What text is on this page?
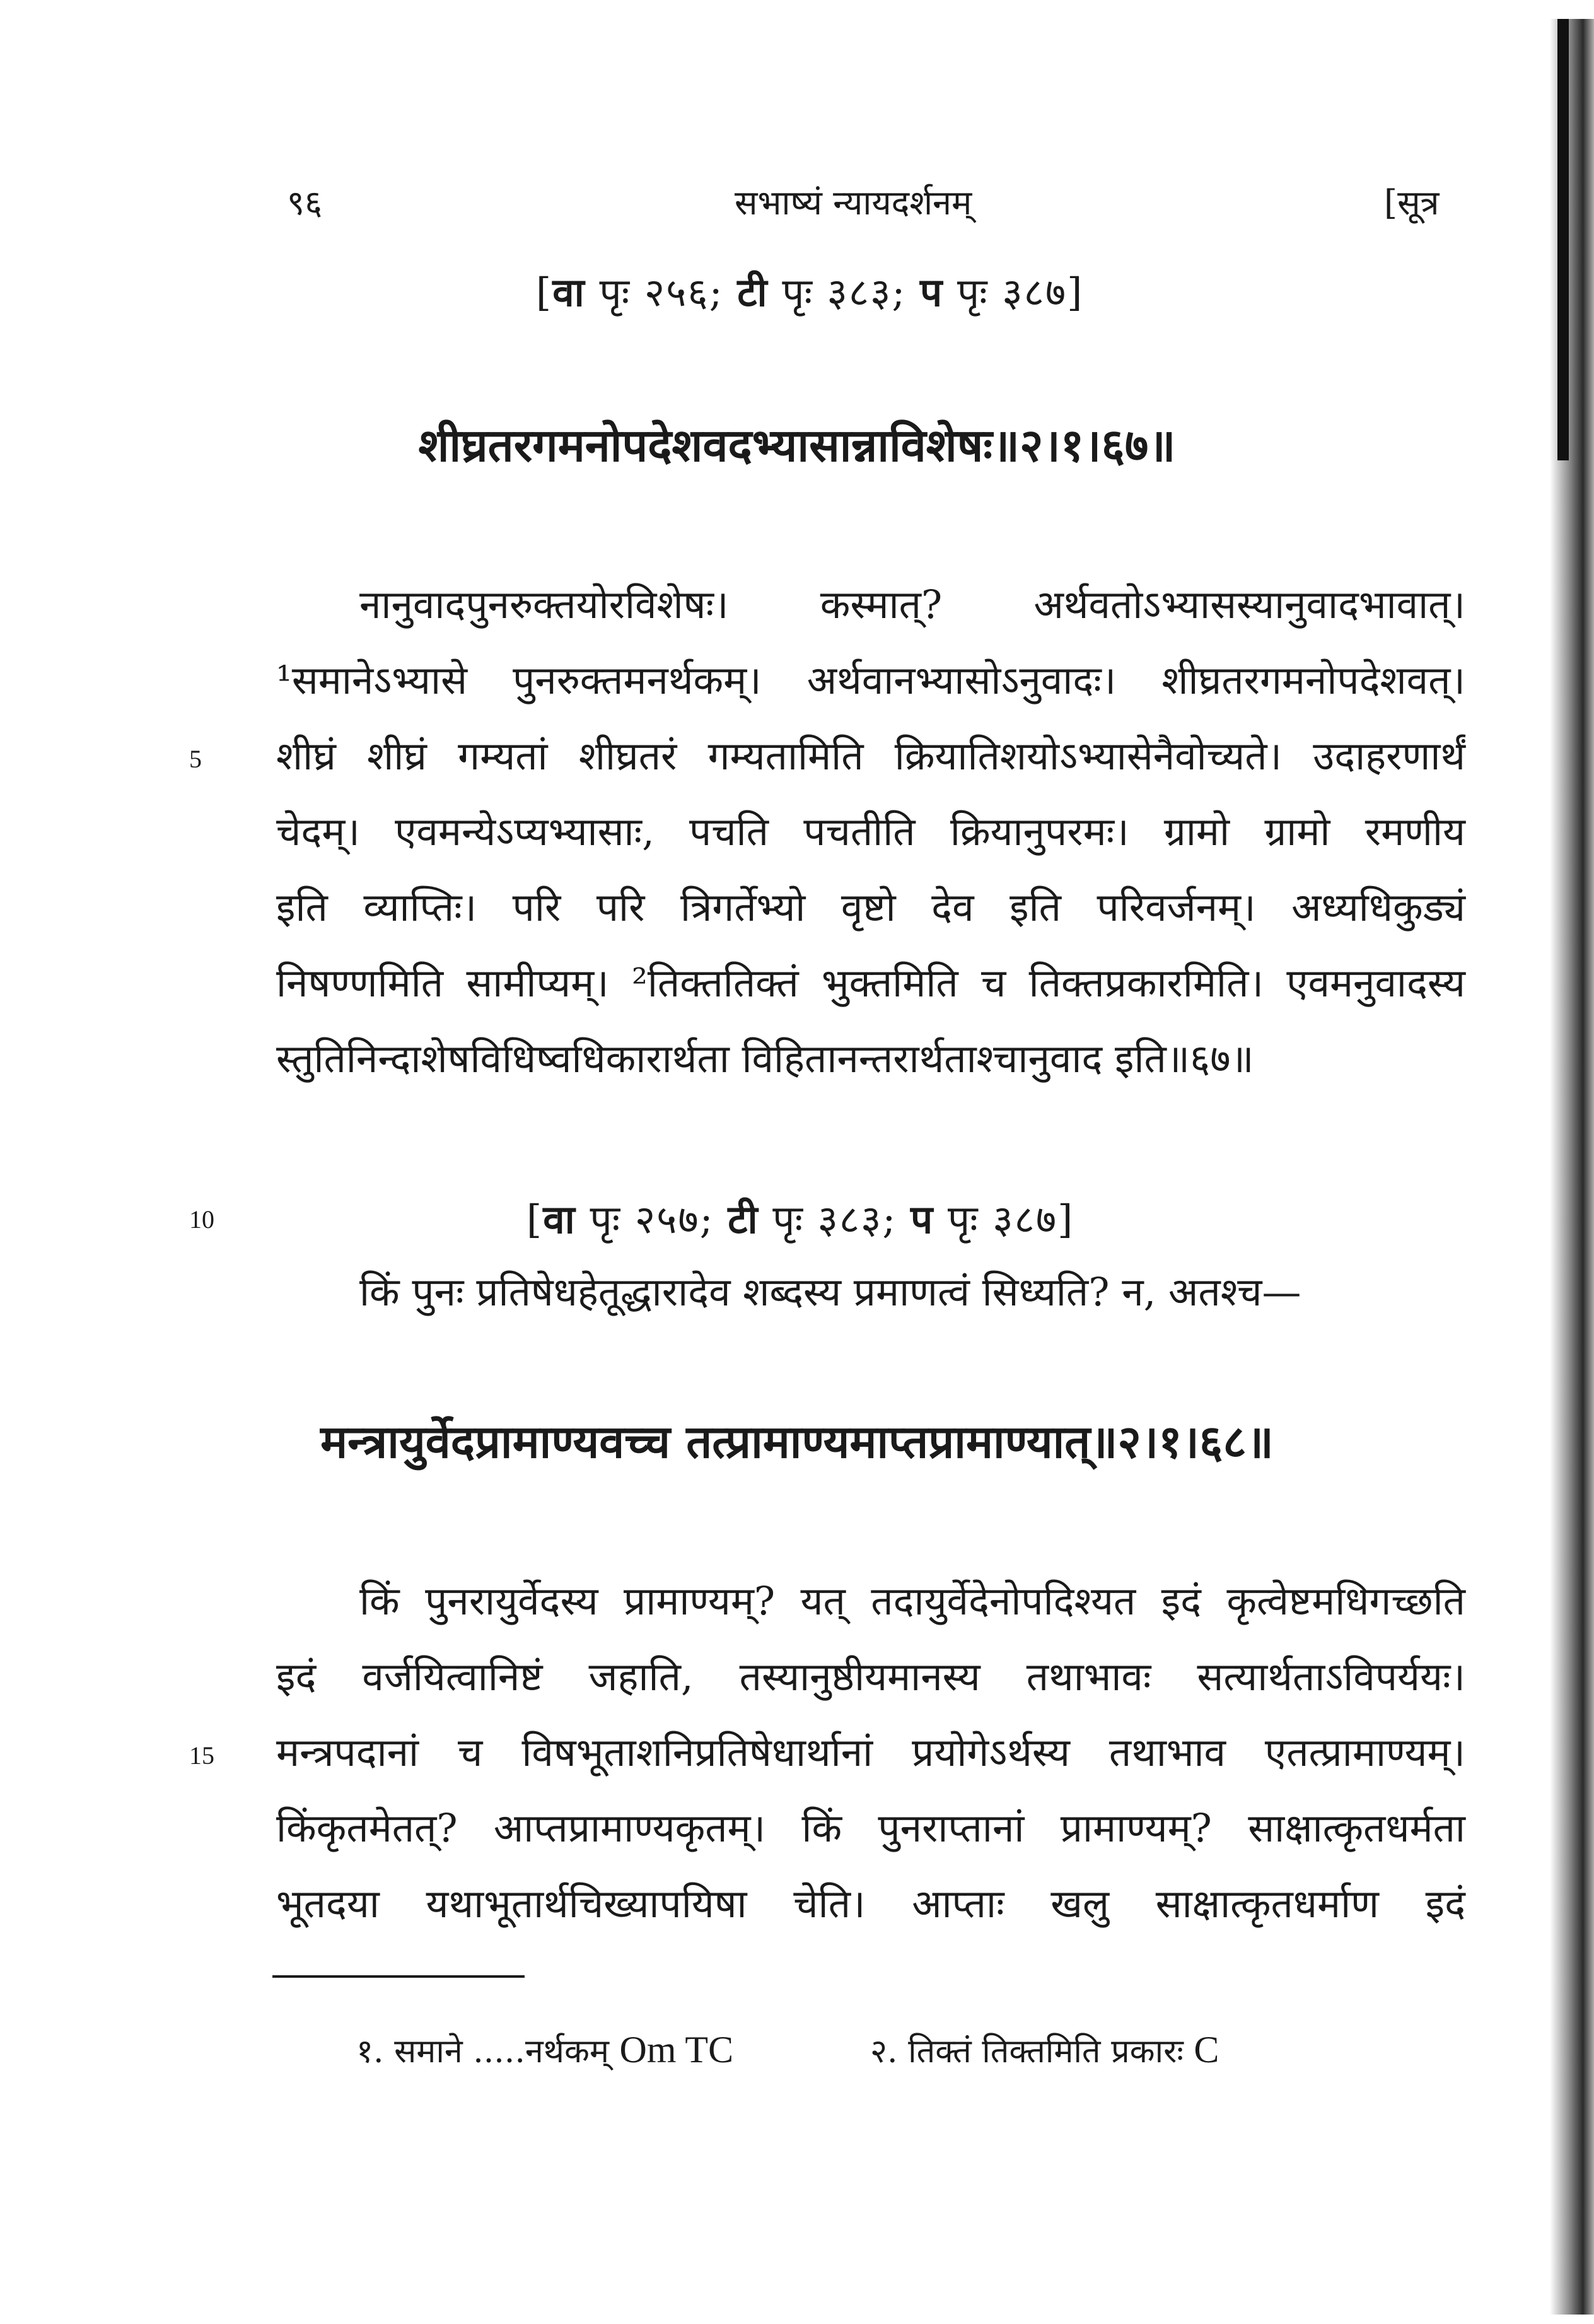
९६	सभाष्यं न्यायदर्शनम्	[सूत्र
[वा पृः २५६; टी पृः ३८३; प पृः ३८७]
शीघ्रतरगमनोपदेशवदभ्यासान्नाविशेषः॥२।१।६७॥
नानुवादपुनरुक्तयोरविशेषः। कस्मात्? अर्थवतोऽभ्यासस्यानुवादभावात्।
¹समानेऽभ्यासे पुनरुक्तमनर्थकम्। अर्थवानभ्यासोऽनुवादः। शीघ्रतरगमनोपदेशवत्।
शीघ्रं शीघ्रं गम्यतां शीघ्रतरं गम्यतामिति क्रियातिशयोऽभ्यासेनैवोच्यते। उदाहरणार्थं
चेदम्। एवमन्येऽप्यभ्यासाः, पचति पचतीति क्रियानुपरमः। ग्रामो ग्रामो रमणीय
इति व्याप्तिः। परि परि त्रिगर्तेभ्यो वृष्टो देव इति परिवर्जनम्। अध्यधिकुड्यं
निषण्णमिति सामीप्यम्। ²तिक्ततिक्तं भुक्तमिति च तिक्तप्रकारमिति। एवमनुवादस्य
स्तुतिनिन्दाशेषविधिष्वधिकारार्थता विहितानन्तरार्थताश्चानुवाद इति॥६७॥
5
[वा पृः २५७; टी पृः ३८३; प पृः ३८७]
10
किं पुनः प्रतिषेधहेतूद्धारादेव शब्दस्य प्रमाणत्वं सिध्यति? न, अतश्च—
मन्त्रायुर्वेदप्रामाण्यवच्च तत्प्रामाण्यमाप्तप्रामाण्यात्॥२।१।६८॥
किं पुनरायुर्वेदस्य प्रामाण्यम्? यत् तदायुर्वेदेनोपदिश्यत इदं कृत्वेष्टमधिगच्छति
इदं वर्जयित्वानिष्टं जहाति, तस्यानुष्ठीयमानस्य तथाभावः सत्यार्थताऽविपर्ययः।
मन्त्रपदानां च विषभूताशनिप्रतिषेधार्थानां प्रयोगेऽर्थस्य तथाभाव एतत्प्रामाण्यम्।
किंकृतमेतत्? आप्तप्रामाण्यकृतम्। किं पुनराप्तानां प्रामाण्यम्? साक्षात्कृतधर्मता
भूतदया यथाभूतार्थचिख्यापयिषा चेति। आप्ताः खलु साक्षात्कृतधर्माण इदं
15
१. समाने .....नर्थकम् Om TC	२. तिक्तं तिक्तमिति प्रकारः C
